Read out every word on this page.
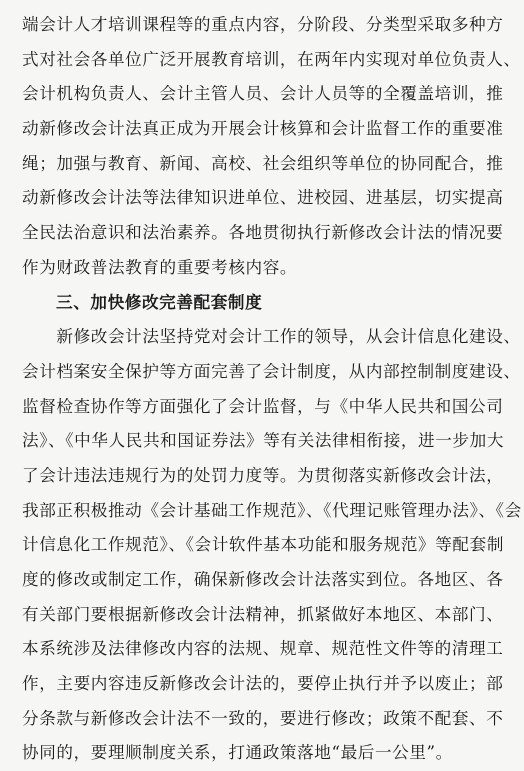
端会计人才培训课程等的重点内容，分阶段、分类型采取多种方
式对社会各单位广泛开展教育培训，在两年内实现对单位负责人、
会计机构负责人、会计主管人员、会计人员等的全覆盖培训，推
动新修改会计法真正成为开展会计核算和会计监督工作的重要准
绳；加强与教育、新闻、高校、社会组织等单位的协同配合，推
动新修改会计法等法律知识进单位、进校园、进基层，切实提高
全民法治意识和法治素养。各地贯彻执行新修改会计法的情况要
作为财政普法教育的重要考核内容。
三、加快修改完善配套制度
　　新修改会计法坚持党对会计工作的领导，从会计信息化建设、
会计档案安全保护等方面完善了会计制度，从内部控制制度建设、
监督检查协作等方面强化了会计监督，与《中华人民共和国公司
法》、《中华人民共和国证券法》等有关法律相衔接，进一步加大
了会计违法违规行为的处罚力度等。为贯彻落实新修改会计法，
我部正积极推动《会计基础工作规范》、《代理记账管理办法》、《会
计信息化工作规范》、《会计软件基本功能和服务规范》等配套制
度的修改或制定工作，确保新修改会计法落实到位。各地区、各
有关部门要根据新修改会计法精神，抓紧做好本地区、本部门、
本系统涉及法律修改内容的法规、规章、规范性文件等的清理工
作，主要内容违反新修改会计法的，要停止执行并予以废止；部
分条款与新修改会计法不一致的，要进行修改；政策不配套、不
协同的，要理顺制度关系，打通政策落地“最后一公里”。
